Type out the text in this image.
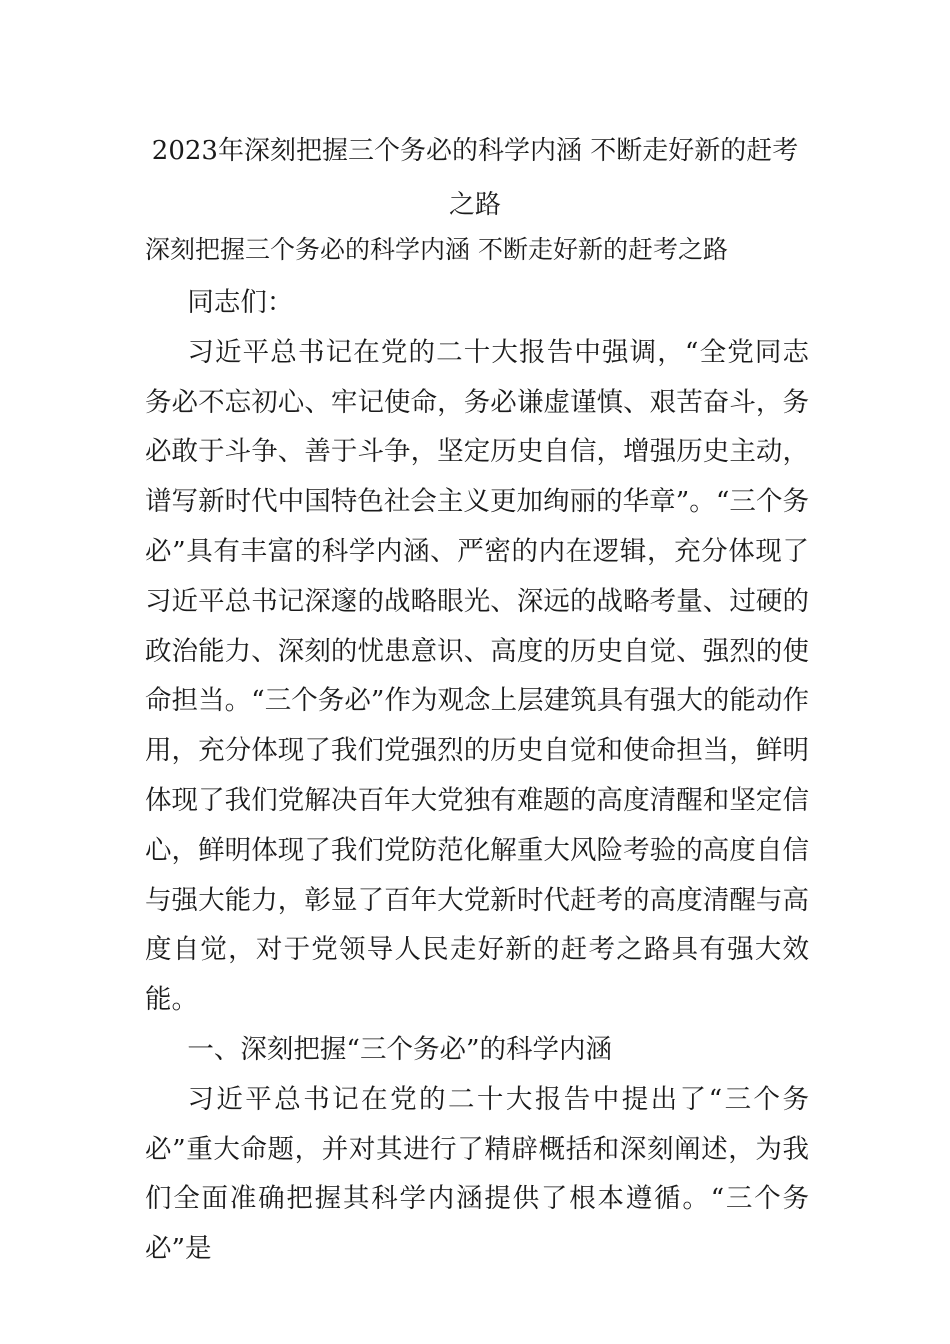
2023年深刻把握三个务必的科学内涵 不断走好新的赶考之路
深刻把握三个务必的科学内涵 不断走好新的赶考之路

同志们：

习近平总书记在党的二十大报告中强调，“全党同志务必不忘初心、牢记使命，务必谦虚谨慎、艰苦奋斗，务必敢于斗争、善于斗争，坚定历史自信，增强历史主动，谱写新时代中国特色社会主义更加绚丽的华章”。“三个务必”具有丰富的科学内涵、严密的内在逻辑，充分体现了习近平总书记深邃的战略眼光、深远的战略考量、过硬的政治能力、深刻的忧患意识、高度的历史自觉、强烈的使命担当。“三个务必”作为观念上层建筑具有强大的能动作用，充分体现了我们党强烈的历史自觉和使命担当，鲜明体现了我们党解决百年大党独有难题的高度清醒和坚定信心，鲜明体现了我们党防范化解重大风险考验的高度自信与强大能力，彰显了百年大党新时代赶考的高度清醒与高度自觉，对于党领导人民走好新的赶考之路具有强大效能。

一、深刻把握“三个务必”的科学内涵

习近平总书记在党的二十大报告中提出了“三个务必”重大命题，并对其进行了精辟概括和深刻阐述，为我们全面准确把握其科学内涵提供了根本遵循。“三个务必”是
